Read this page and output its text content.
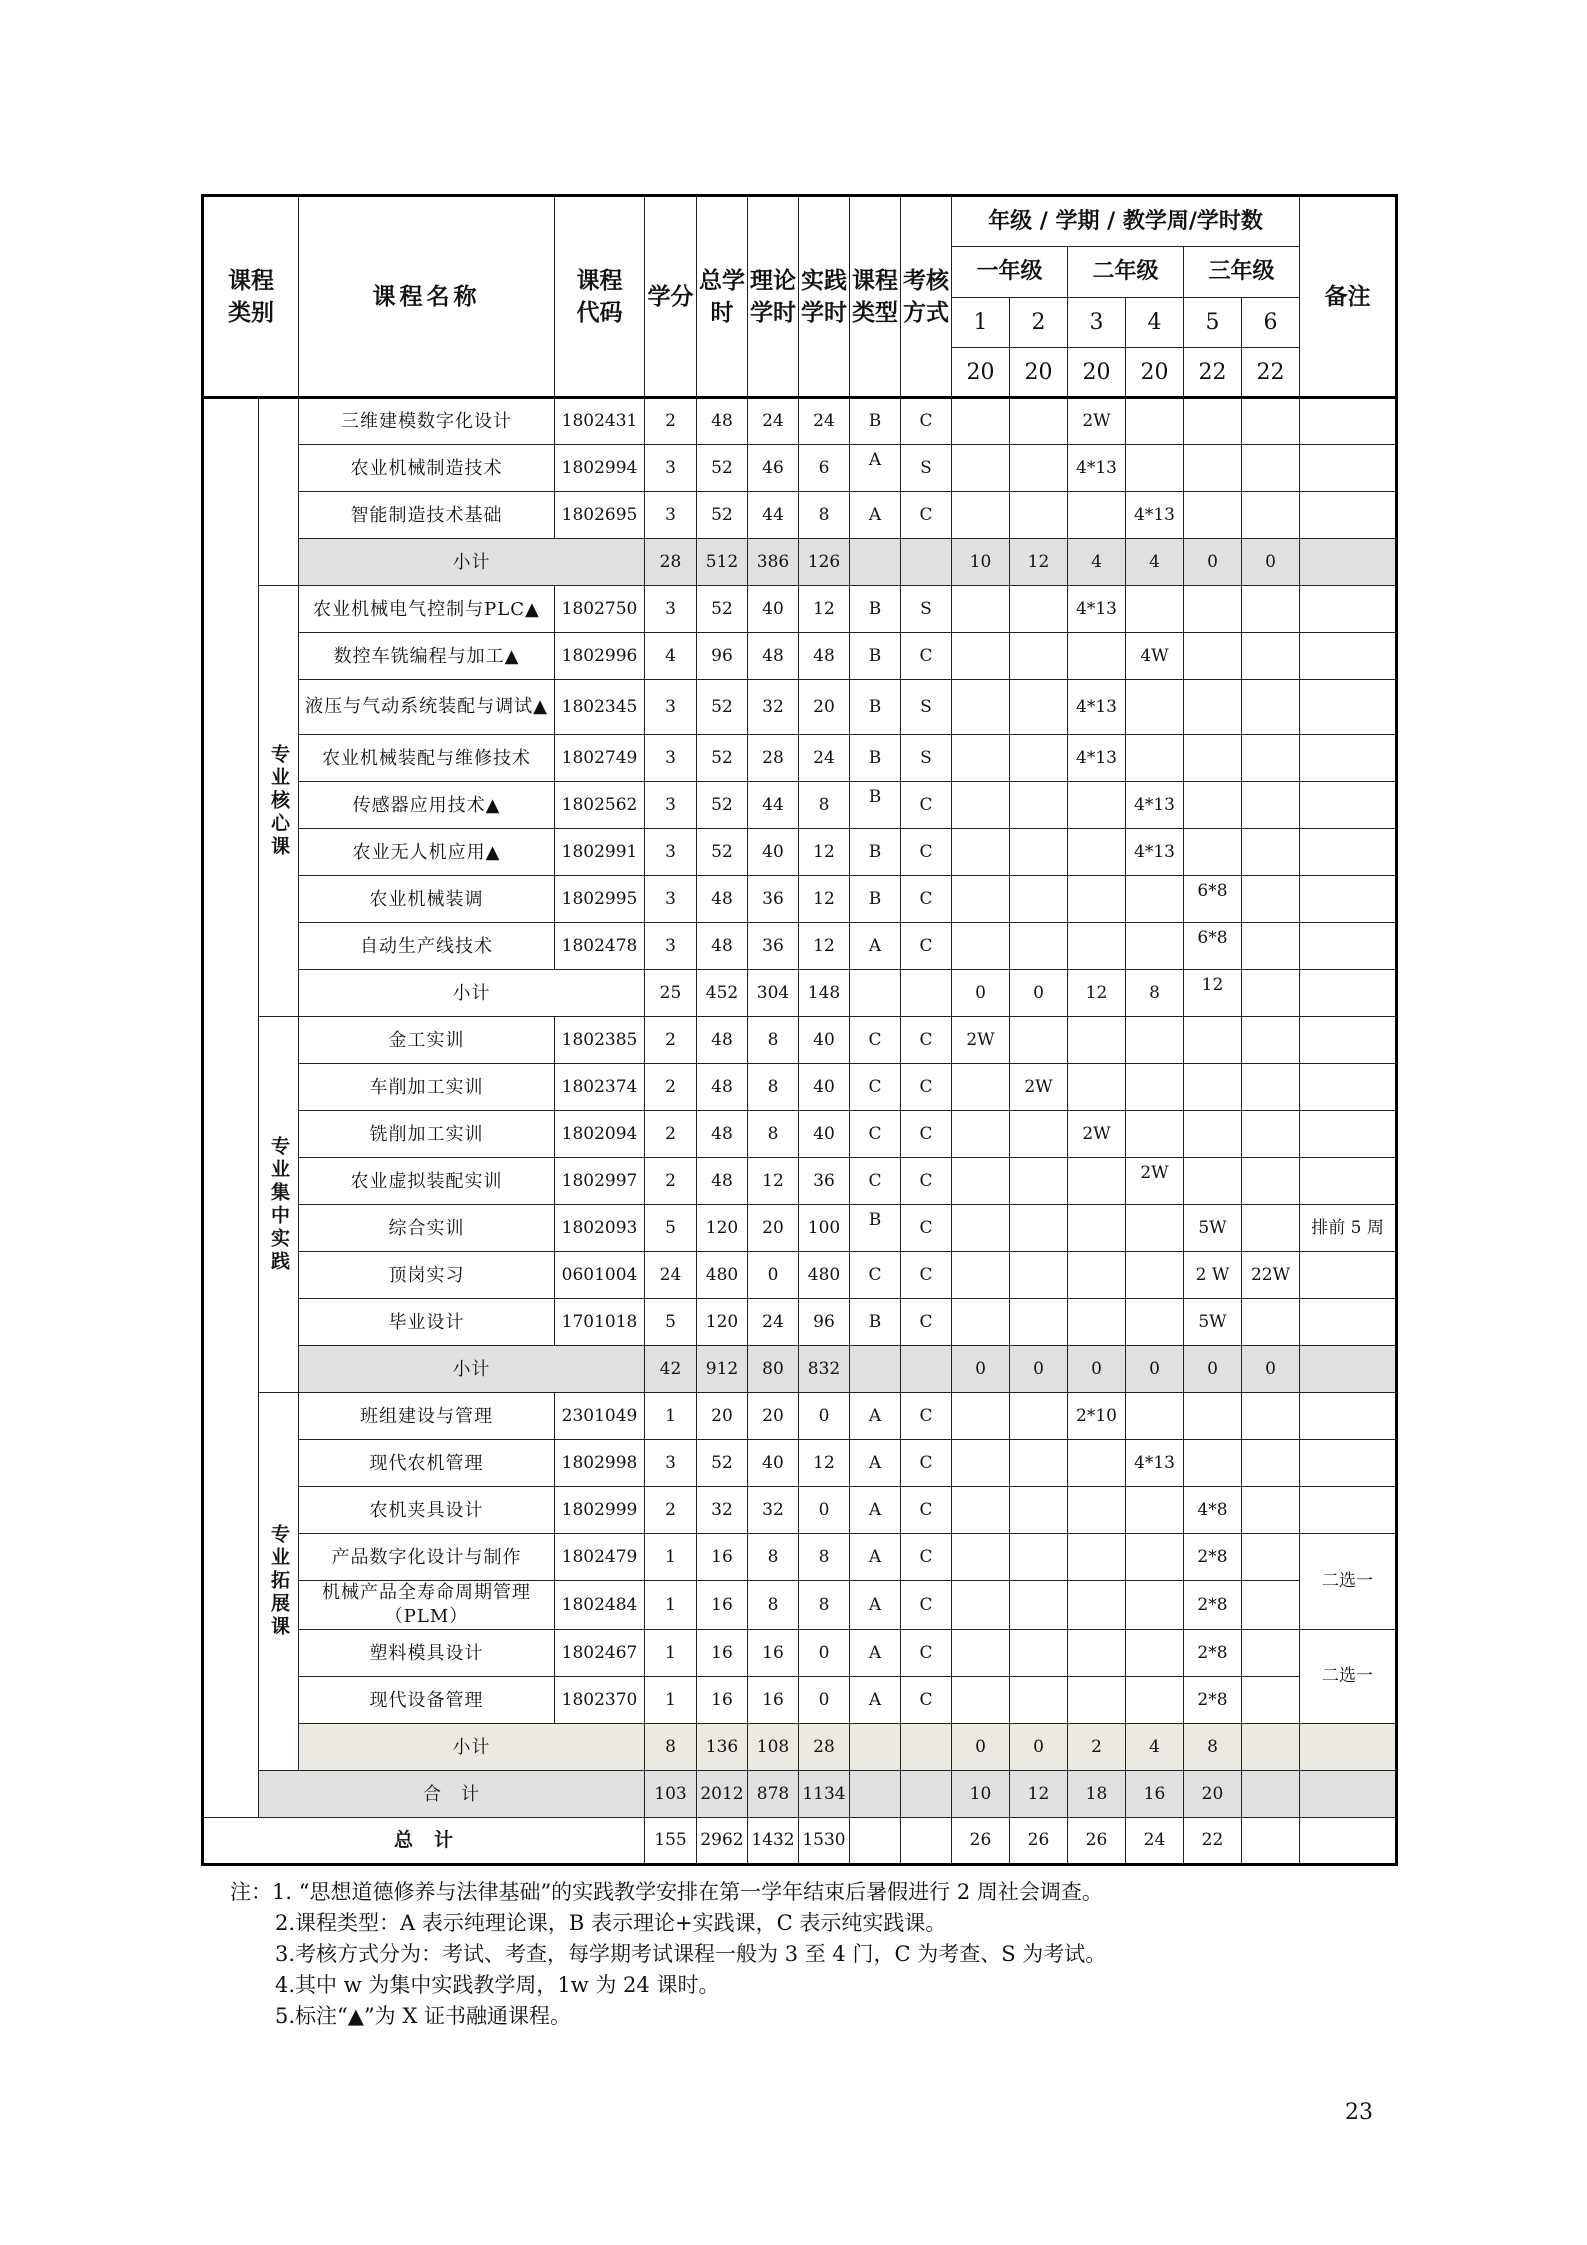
课程类别		课程名称	课程代码	学分	总学时	理论学时	实践学时	课程类型	考核方式	年级 / 学期 / 教学周/学时数						备注
										一年级		二年级		三年级		
										1	2	3	4	5	6	
										20	20	20	20	22	22	
		三维建模数字化设计	1802431	2	48	24	24	B	C			2W				
		农业机械制造技术	1802994	3	52	46	6	A	S			4*13				
		智能制造技术基础	1802695	3	52	44	8	A	C				4*13			
		小计		28	512	386	126			10	12	4	4	0	0	
	专业核心课	农业机械电气控制与PLC▲	1802750	3	52	40	12	B	S			4*13				
		数控车铣编程与加工▲	1802996	4	96	48	48	B	C				4W			
		液压与气动系统装配与调试▲	1802345	3	52	32	20	B	S			4*13				
		农业机械装配与维修技术	1802749	3	52	28	24	B	S			4*13				
		传感器应用技术▲	1802562	3	52	44	8	B	C				4*13			
		农业无人机应用▲	1802991	3	52	40	12	B	C				4*13			
		农业机械装调	1802995	3	48	36	12	B	C					6*8		
		自动生产线技术	1802478	3	48	36	12	A	C					6*8		
		小计		25	452	304	148			0	0	12	8	12		
	专业集中实践	金工实训	1802385	2	48	8	40	C	C	2W						
		车削加工实训	1802374	2	48	8	40	C	C		2W					
		铣削加工实训	1802094	2	48	8	40	C	C			2W				
		农业虚拟装配实训	1802997	2	48	12	36	C	C				2W			
		综合实训	1802093	5	120	20	100	B	C					5W		排前 5 周
		顶岗实习	0601004	24	480	0	480	C	C					2 W	22W	
		毕业设计	1701018	5	120	24	96	B	C					5W		
		小计		42	912	80	832			0	0	0	0	0	0	
	专业拓展课	班组建设与管理	2301049	1	20	20	0	A	C			2*10				
		现代农机管理	1802998	3	52	40	12	A	C				4*13			
		农机夹具设计	1802999	2	32	32	0	A	C					4*8		
		产品数字化设计与制作	1802479	1	16	8	8	A	C					2*8		二选一
		机械产品全寿命周期管理（PLM）	1802484	1	16	8	8	A	C					2*8		
		塑料模具设计	1802467	1	16	16	0	A	C					2*8		二选一
		现代设备管理	1802370	1	16	16	0	A	C					2*8		
		小计		8	136	108	28			0	0	2	4	8		
	合　计			103	2012	878	1134			10	12	18	16	20		
总　计				155	2962	1432	1530			26	26	26	24	22		
注：1. “思想道德修养与法律基础”的实践教学安排在第一学年结束后暑假进行 2 周社会调查。
2.课程类型：A 表示纯理论课，B 表示理论+实践课，C 表示纯实践课。
3.考核方式分为：考试、考查，每学期考试课程一般为 3 至 4 门，C 为考查、S 为考试。
4.其中 w 为集中实践教学周，1w 为 24 课时。
5.标注“▲”为 X 证书融通课程。
23
